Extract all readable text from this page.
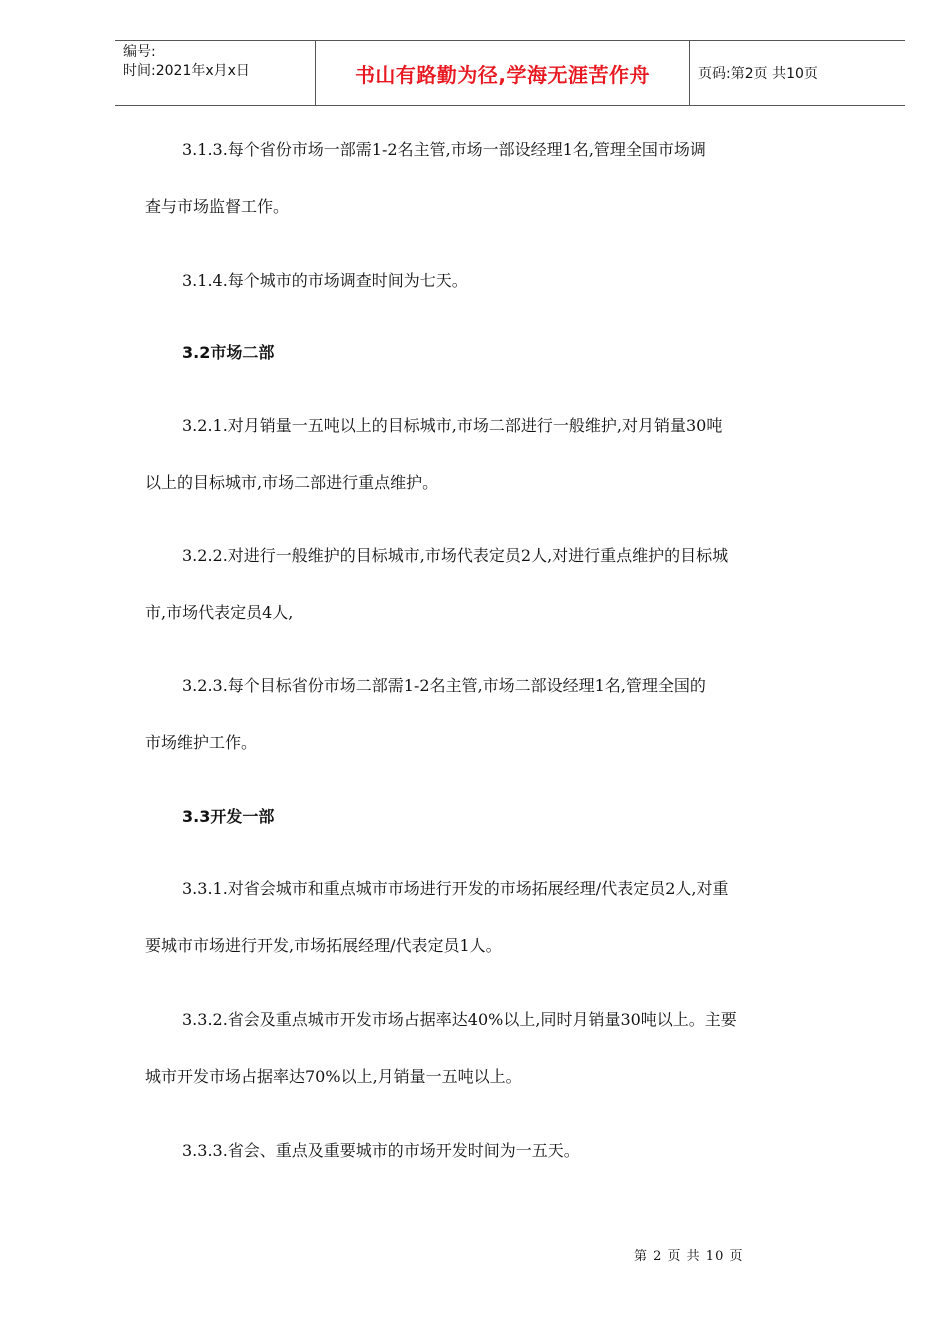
编号:
时间:2021年x月x日	书山有路勤为径,学海无涯苦作舟	页码:第2页 共10页

3.1.3.每个省份市场一部需1-2名主管,市场一部设经理1名,管理全国市场调

查与市场监督工作。

3.1.4.每个城市的市场调查时间为七天。

3.2市场二部

3.2.1.对月销量一五吨以上的目标城市,市场二部进行一般维护,对月销量30吨

以上的目标城市,市场二部进行重点维护。

3.2.2.对进行一般维护的目标城市,市场代表定员2人,对进行重点维护的目标城

市,市场代表定员4人,

3.2.3.每个目标省份市场二部需1-2名主管,市场二部设经理1名,管理全国的

市场维护工作。

3.3开发一部

3.3.1.对省会城市和重点城市市场进行开发的市场拓展经理/代表定员2人,对重

要城市市场进行开发,市场拓展经理/代表定员1人。

3.3.2.省会及重点城市开发市场占据率达40%以上,同时月销量30吨以上。主要

城市开发市场占据率达70%以上,月销量一五吨以上。

3.3.3.省会、重点及重要城市的市场开发时间为一五天。

第 2 页 共 10 页
